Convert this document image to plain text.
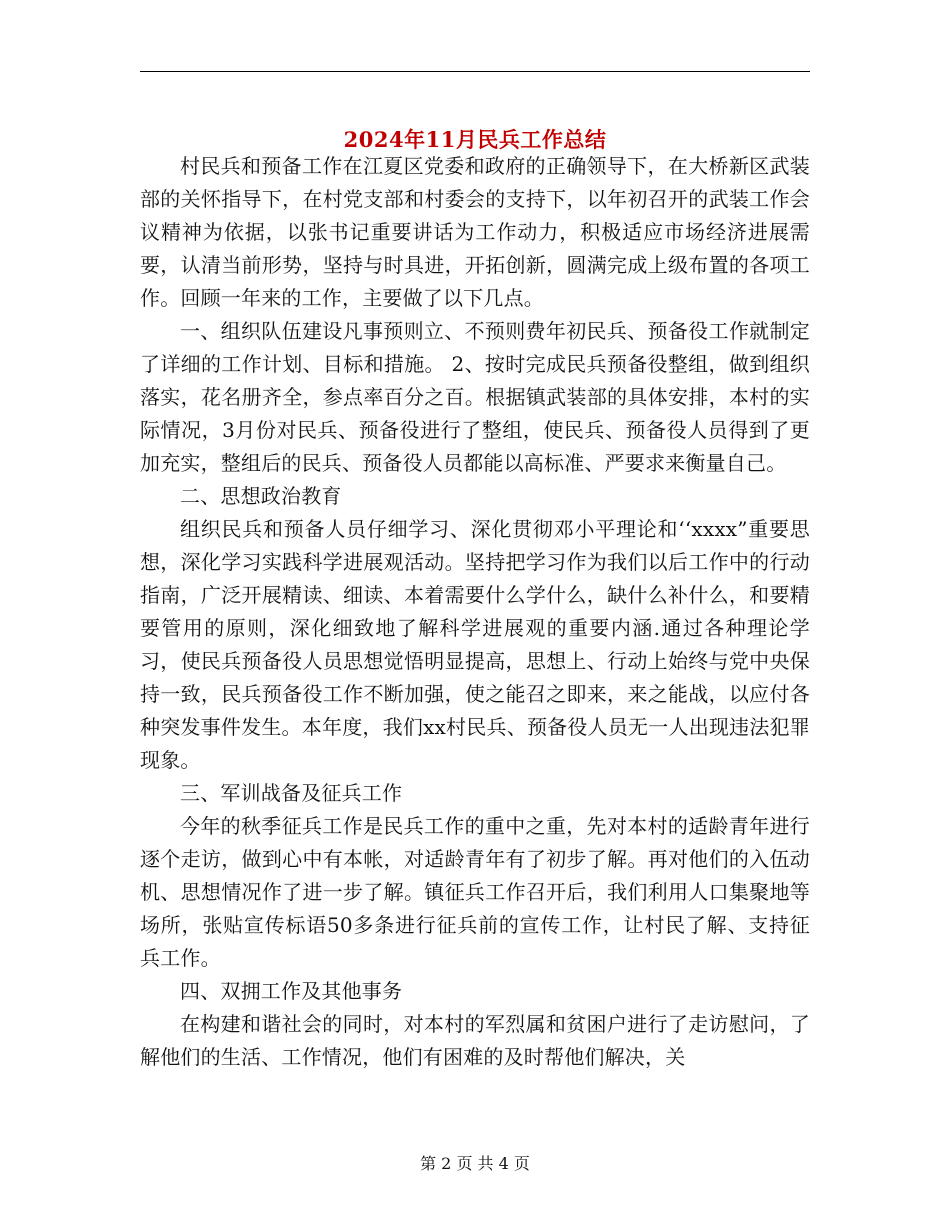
2024年11月民兵工作总结

村民兵和预备工作在江夏区党委和政府的正确领导下，在大桥新区武装部的关怀指导下，在村党支部和村委会的支持下，以年初召开的武装工作会议精神为依据，以张书记重要讲话为工作动力，积极适应市场经济进展需要，认清当前形势，坚持与时具进，开拓创新，圆满完成上级布置的各项工作。回顾一年来的工作，主要做了以下几点。

一、组织队伍建设凡事预则立、不预则费年初民兵、预备役工作就制定了详细的工作计划、目标和措施。 2、按时完成民兵预备役整组，做到组织落实，花名册齐全，参点率百分之百。根据镇武装部的具体安排，本村的实际情况，3月份对民兵、预备役进行了整组，使民兵、预备役人员得到了更加充实，整组后的民兵、预备役人员都能以高标准、严要求来衡量自己。

二、思想政治教育

组织民兵和预备人员仔细学习、深化贯彻邓小平理论和‘‘xxxx”重要思想，深化学习实践科学进展观活动。坚持把学习作为我们以后工作中的行动指南，广泛开展精读、细读、本着需要什么学什么，缺什么补什么，和要精要管用的原则，深化细致地了解科学进展观的重要内涵.通过各种理论学习，使民兵预备役人员思想觉悟明显提高，思想上、行动上始终与党中央保持一致，民兵预备役工作不断加强，使之能召之即来，来之能战，以应付各种突发事件发生。本年度，我们xx村民兵、预备役人员无一人出现违法犯罪现象。

三、军训战备及征兵工作

今年的秋季征兵工作是民兵工作的重中之重，先对本村的适龄青年进行逐个走访，做到心中有本帐，对适龄青年有了初步了解。再对他们的入伍动机、思想情况作了进一步了解。镇征兵工作召开后，我们利用人口集聚地等场所，张贴宣传标语50多条进行征兵前的宣传工作，让村民了解、支持征兵工作。

四、双拥工作及其他事务

在构建和谐社会的同时，对本村的军烈属和贫困户进行了走访慰问，了解他们的生活、工作情况，他们有困难的及时帮他们解决，关

第 2 页 共 4 页
